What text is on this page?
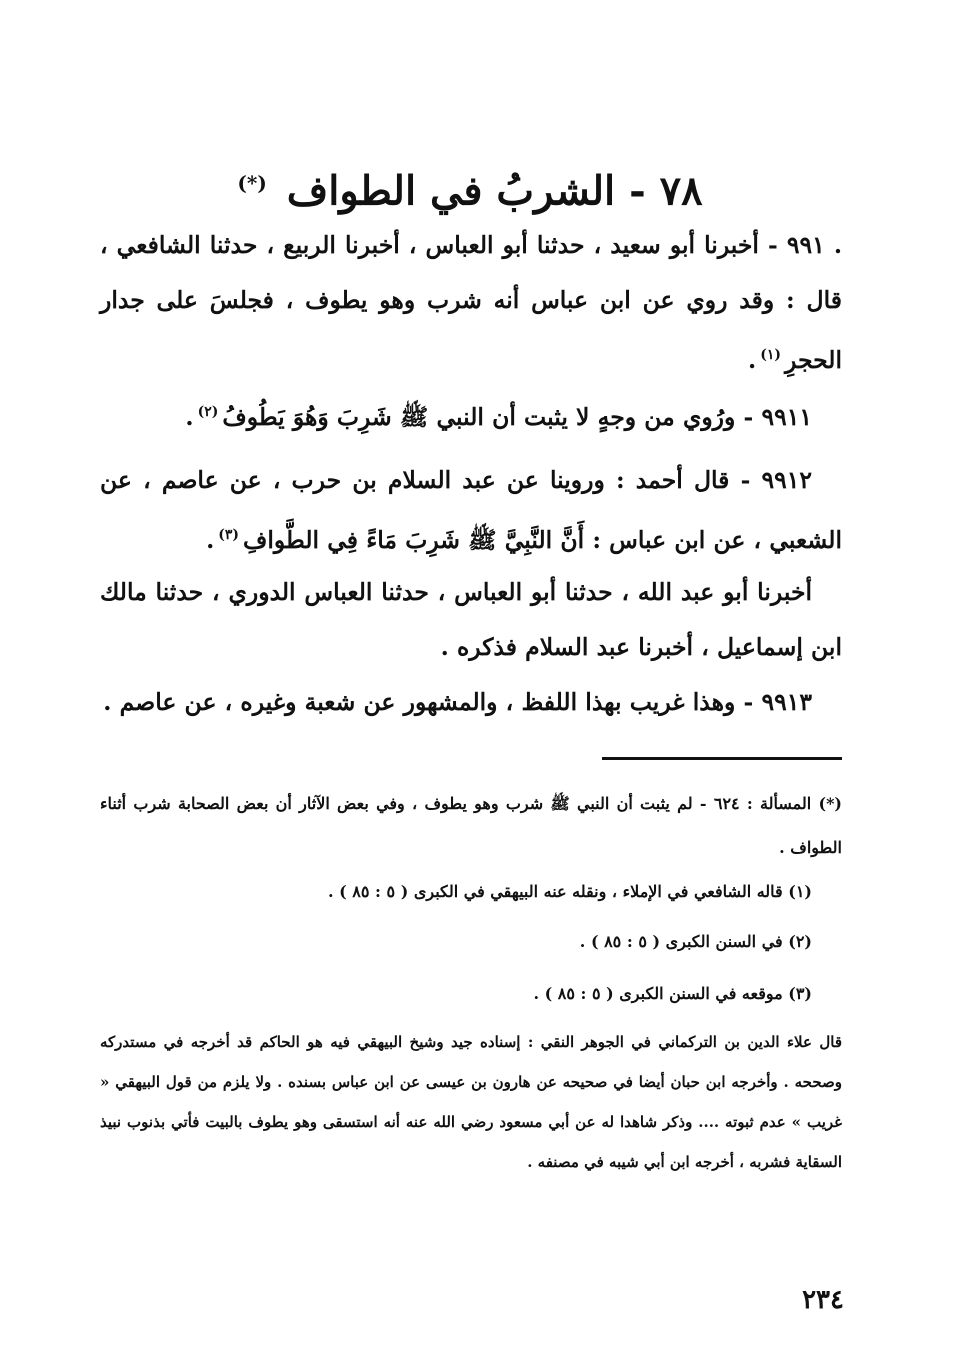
٧٨ - الشربُ في الطواف (*)
. ٩٩١ - أخبرنا أبو سعيد ، حدثنا أبو العباس ، أخبرنا الربيع ، حدثنا الشافعي ، قال : وقد روي عن ابن عباس أنه شرب وهو يطوف ، فجلسَ على جدار الحجرِ$^{(١)}$.
٩٩١١ - ورُوي من وجهٍ لا يثبت أن النبي ﷺ شَرِبَ وَهُوَ يَطُوفُ$^{(٢)}$.
٩٩١٢ - قال أحمد : وروينا عن عبد السلام بن حرب ، عن عاصم ، عن الشعبي ، عن ابن عباس : أَنَّ النَّبِيَّ ﷺ شَرِبَ مَاءً فِي الطَّوافِ$^{(٣)}$.
أخبرنا أبو عبد الله ، حدثنا أبو العباس ، حدثنا العباس الدوري ، حدثنا مالك ابن إسماعيل ، أخبرنا عبد السلام فذكره .
٩٩١٣ - وهذا غريب بهذا اللفظ ، والمشهور عن شعبة وغيره ، عن عاصم .
(*) المسألة : ٦٢٤ - لم يثبت أن النبي ﷺ شرب وهو يطوف ، وفي بعض الآثار أن بعض الصحابة شرب أثناء الطواف .
(١) قاله الشافعي في الإملاء ، ونقله عنه البيهقي في الكبرى ( ٥ : ٨٥ ) .
(٢) في السنن الكبرى ( ٥ : ٨٥ ) .
(٣) موقعه في السنن الكبرى ( ٥ : ٨٥ ) .
قال علاء الدين بن التركماني في الجوهر النقي : إسناده جيد وشيخ البيهقي فيه هو الحاكم قد أخرجه في مستدركه وصححه . وأخرجه ابن حبان أيضا في صحيحه عن هارون بن عيسى عن ابن عباس بسنده . ولا يلزم من قول البيهقي « غريب » عدم ثبوته .... وذكر شاهدا له عن أبي مسعود رضي الله عنه أنه استسقى وهو يطوف بالبيت فأتي بذنوب نبيذ السقاية فشربه ، أخرجه ابن أبي شيبه في مصنفه .
٢٣٤
